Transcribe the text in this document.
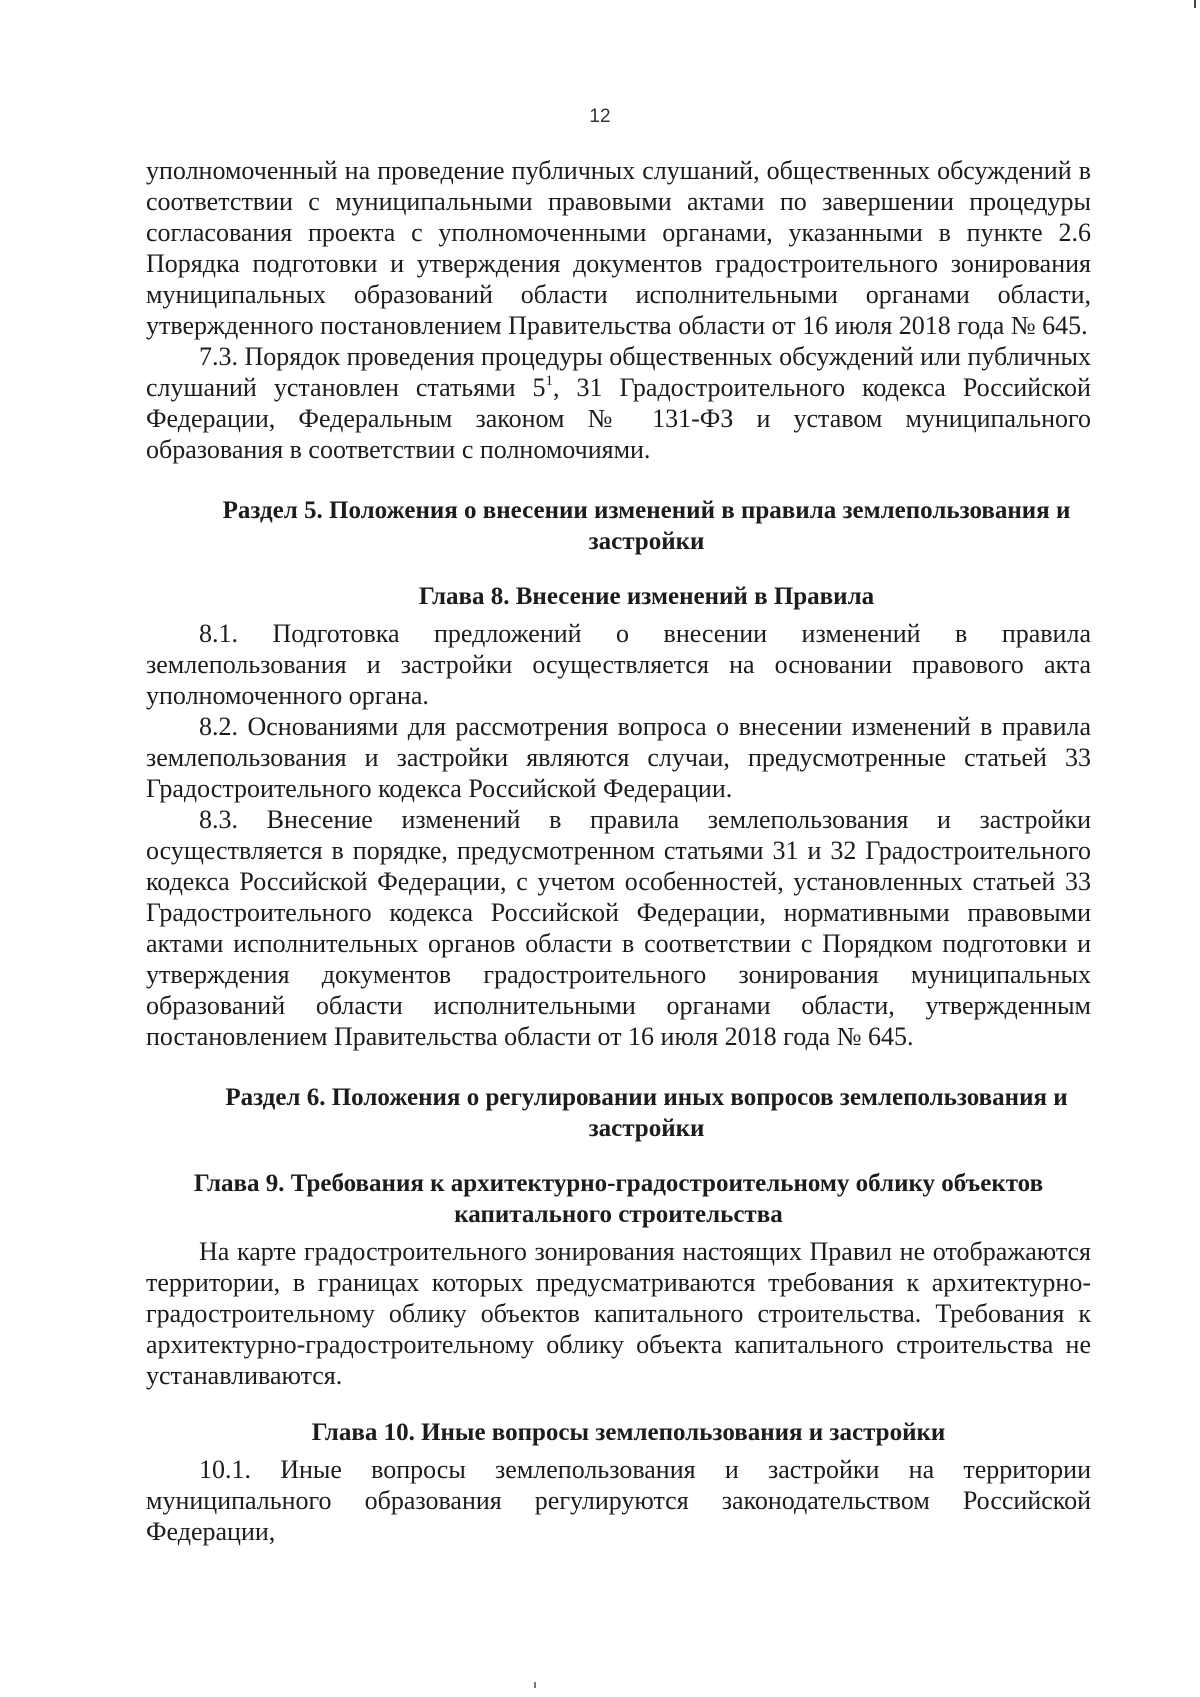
12

уполномоченный на проведение публичных слушаний, общественных обсуждений в соответствии с муниципальными правовыми актами по завершении процедуры согласования проекта с уполномоченными органами, указанными в пункте 2.6 Порядка подготовки и утверждения документов градостроительного зонирования муниципальных образований области исполнительными органами области, утвержденного постановлением Правительства области от 16 июля 2018 года № 645.

7.3. Порядок проведения процедуры общественных обсуждений или публичных слушаний установлен статьями $5^1$, 31 Градостроительного кодекса Российской Федерации, Федеральным законом № 131-ФЗ и уставом муниципального образования в соответствии с полномочиями.

Раздел 5. Положения о внесении изменений в правила землепользования и застройки

Глава 8. Внесение изменений в Правила

8.1. Подготовка предложений о внесении изменений в правила землепользования и застройки осуществляется на основании правового акта уполномоченного органа.

8.2. Основаниями для рассмотрения вопроса о внесении изменений в правила землепользования и застройки являются случаи, предусмотренные статьей 33 Градостроительного кодекса Российской Федерации.

8.3. Внесение изменений в правила землепользования и застройки осуществляется в порядке, предусмотренном статьями 31 и 32 Градостроительного кодекса Российской Федерации, с учетом особенностей, установленных статьей 33 Градостроительного кодекса Российской Федерации, нормативными правовыми актами исполнительных органов области в соответствии с Порядком подготовки и утверждения документов градостроительного зонирования муниципальных образований области исполнительными органами области, утвержденным постановлением Правительства области от 16 июля 2018 года № 645.

Раздел 6. Положения о регулировании иных вопросов землепользования и застройки

Глава 9. Требования к архитектурно-градостроительному облику объектов капитального строительства

На карте градостроительного зонирования настоящих Правил не отображаются территории, в границах которых предусматриваются требования к архитектурно-градостроительному облику объектов капитального строительства. Требования к архитектурно-градостроительному облику объекта капитального строительства не устанавливаются.

Глава 10. Иные вопросы землепользования и застройки

10.1. Иные вопросы землепользования и застройки на территории муниципального образования регулируются законодательством Российской Федерации,
